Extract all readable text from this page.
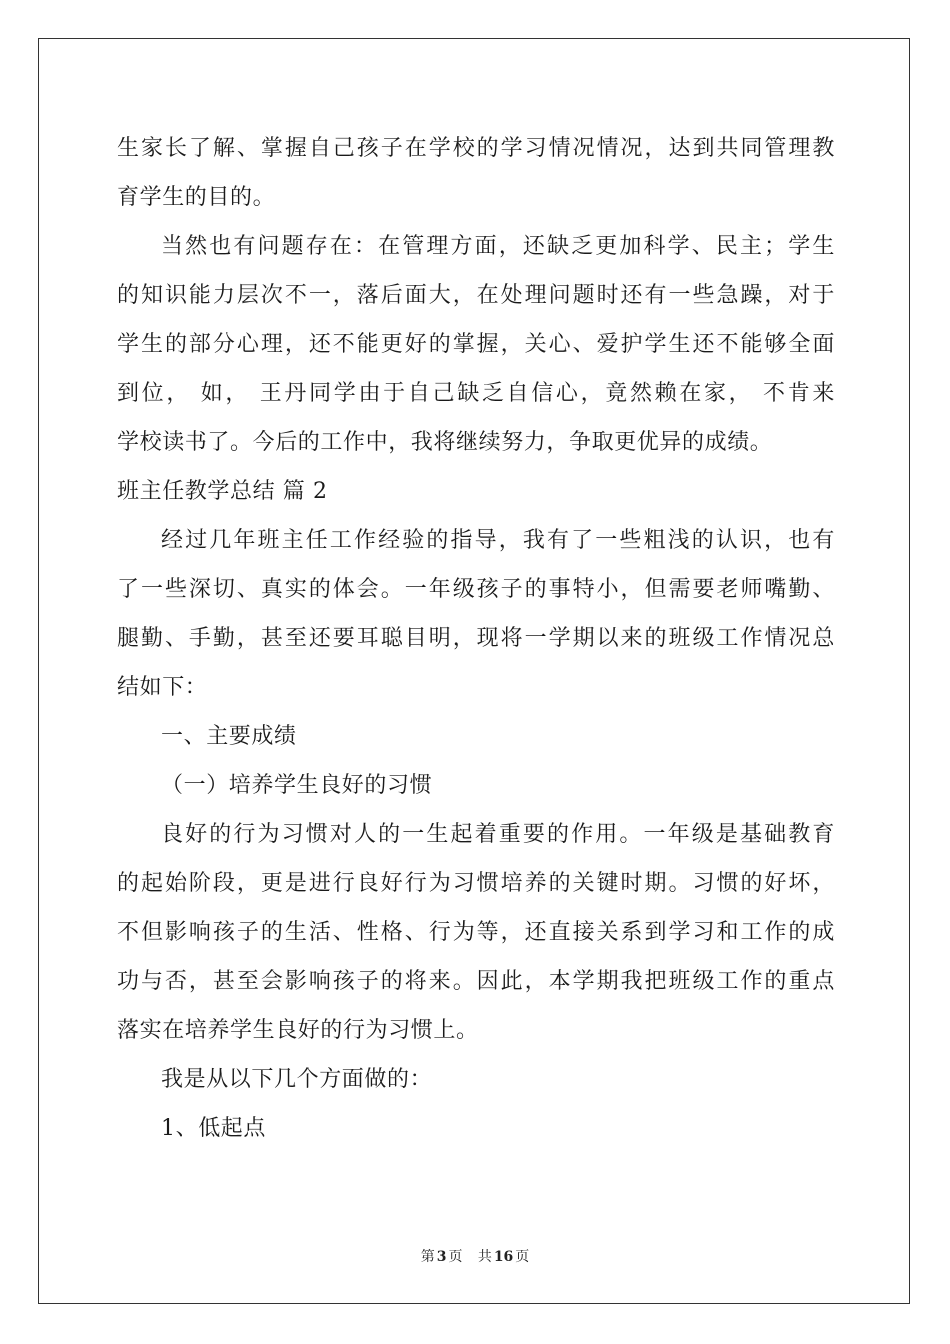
生家长了解、掌握自己孩子在学校的学习情况情况，达到共同管理教
育学生的目的。
当然也有问题存在：在管理方面，还缺乏更加科学、民主；学生
的知识能力层次不一，落后面大，在处理问题时还有一些急躁，对于
学生的部分心理，还不能更好的掌握，关心、爱护学生还不能够全面
到位， 如， 王丹同学由于自己缺乏自信心，竟然赖在家， 不肯来
学校读书了。今后的工作中，我将继续努力，争取更优异的成绩。
班主任教学总结 篇 2
经过几年班主任工作经验的指导，我有了一些粗浅的认识，也有
了一些深切、真实的体会。一年级孩子的事特小，但需要老师嘴勤、
腿勤、手勤，甚至还要耳聪目明，现将一学期以来的班级工作情况总
结如下：
一、主要成绩
（一）培养学生良好的习惯
良好的行为习惯对人的一生起着重要的作用。一年级是基础教育
的起始阶段，更是进行良好行为习惯培养的关键时期。习惯的好坏，
不但影响孩子的生活、性格、行为等，还直接关系到学习和工作的成
功与否，甚至会影响孩子的将来。因此，本学期我把班级工作的重点
落实在培养学生良好的行为习惯上。
我是从以下几个方面做的：
1、低起点
第 3 页 共 16 页
